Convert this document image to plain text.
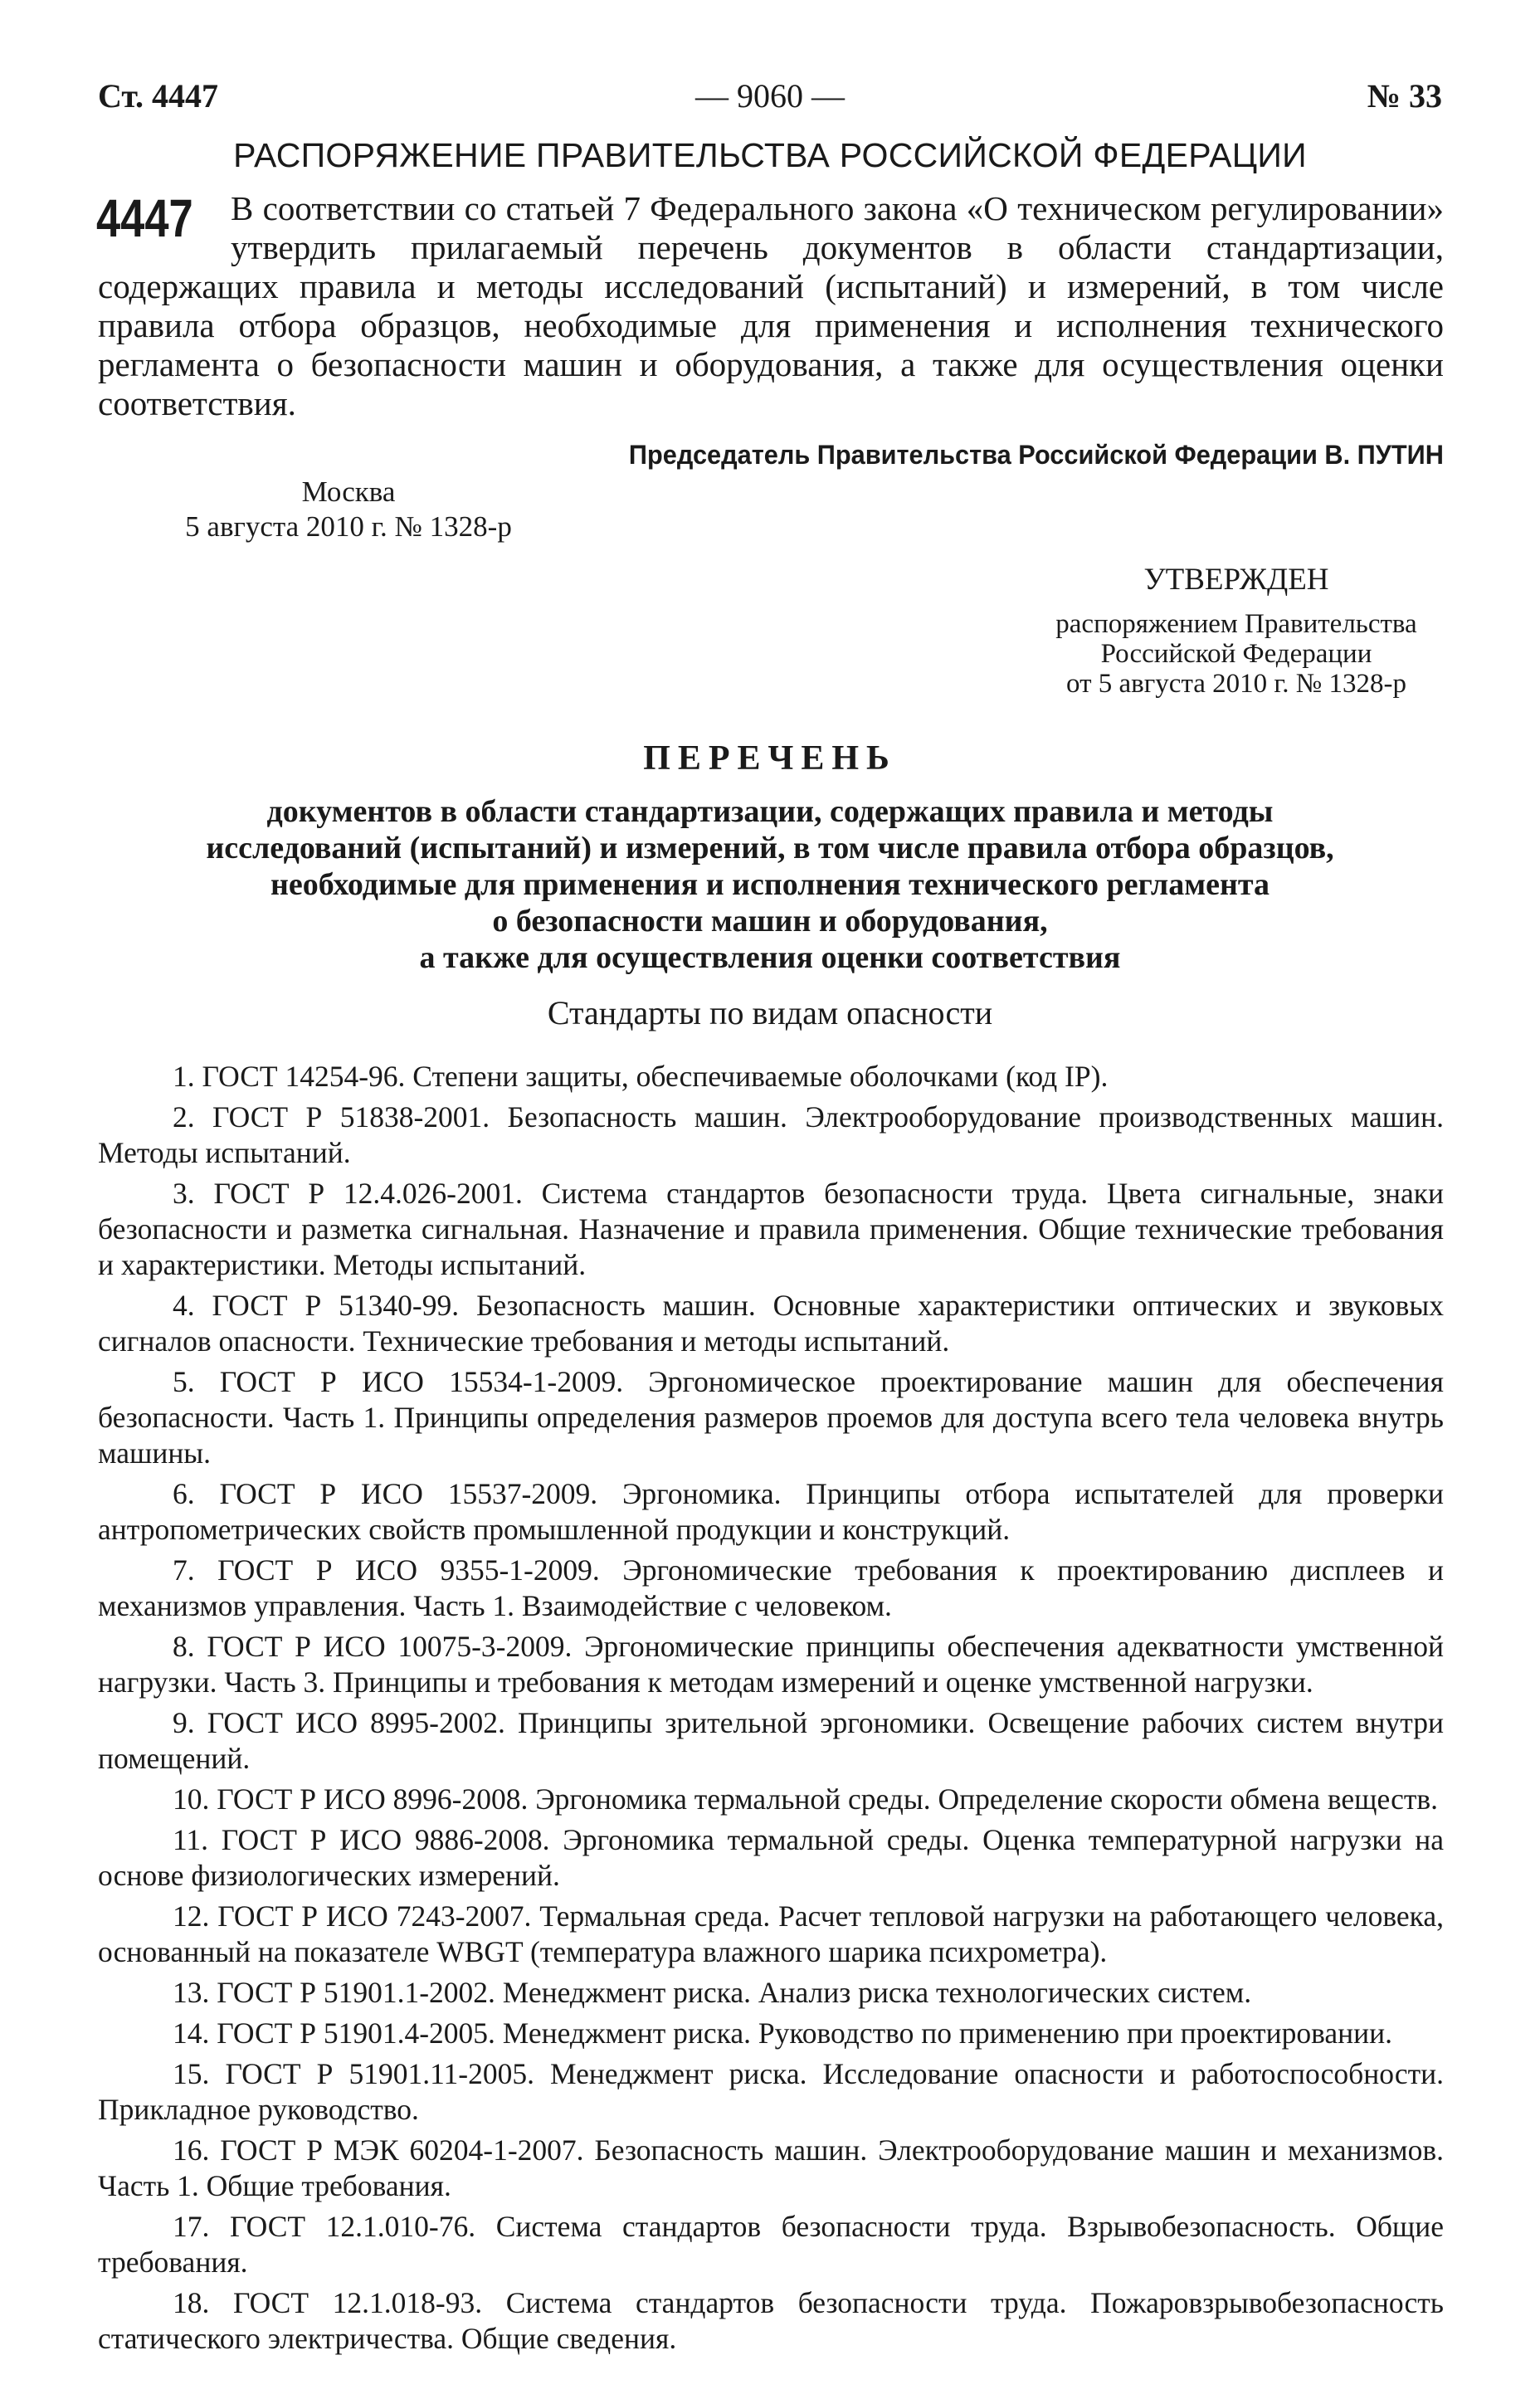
Ст. 4447	— 9060 —	№ 33
РАСПОРЯЖЕНИЕ ПРАВИТЕЛЬСТВА РОССИЙСКОЙ ФЕДЕРАЦИИ
4447	В соответствии со статьей 7 Федерального закона «О техническом регулировании» утвердить прилагаемый перечень документов в области стандартизации, содержащих правила и методы исследований (испытаний) и измерений, в том числе правила отбора образцов, необходимые для применения и исполнения технического регламента о безопасности машин и оборудования, а также для осуществления оценки соответствия.
Председатель Правительства Российской Федерации В. ПУТИН
Москва
5 августа 2010 г. № 1328-р
УТВЕРЖДЕН
распоряжением Правительства
Российской Федерации
от 5 августа 2010 г. № 1328-р
ПЕРЕЧЕНЬ
документов в области стандартизации, содержащих правила и методы
исследований (испытаний) и измерений, в том числе правила отбора образцов,
необходимые для применения и исполнения технического регламента
о безопасности машин и оборудования,
а также для осуществления оценки соответствия
Стандарты по видам опасности
1. ГОСТ 14254-96. Степени защиты, обеспечиваемые оболочками (код IP).
2. ГОСТ Р 51838-2001. Безопасность машин. Электрооборудование производственных машин. Методы испытаний.
3. ГОСТ Р 12.4.026-2001. Система стандартов безопасности труда. Цвета сигнальные, знаки безопасности и разметка сигнальная. Назначение и правила применения. Общие технические требования и характеристики. Методы испытаний.
4. ГОСТ Р 51340-99. Безопасность машин. Основные характеристики оптических и звуковых сигналов опасности. Технические требования и методы испытаний.
5. ГОСТ Р ИСО 15534-1-2009. Эргономическое проектирование машин для обеспечения безопасности. Часть 1. Принципы определения размеров проемов для доступа всего тела человека внутрь машины.
6. ГОСТ Р ИСО 15537-2009. Эргономика. Принципы отбора испытателей для проверки антропометрических свойств промышленной продукции и конструкций.
7. ГОСТ Р ИСО 9355-1-2009. Эргономические требования к проектированию дисплеев и механизмов управления. Часть 1. Взаимодействие с человеком.
8. ГОСТ Р ИСО 10075-3-2009. Эргономические принципы обеспечения адекватности умственной нагрузки. Часть 3. Принципы и требования к методам измерений и оценке умственной нагрузки.
9. ГОСТ ИСО 8995-2002. Принципы зрительной эргономики. Освещение рабочих систем внутри помещений.
10. ГОСТ Р ИСО 8996-2008. Эргономика термальной среды. Определение скорости обмена веществ.
11. ГОСТ Р ИСО 9886-2008. Эргономика термальной среды. Оценка температурной нагрузки на основе физиологических измерений.
12. ГОСТ Р ИСО 7243-2007. Термальная среда. Расчет тепловой нагрузки на работающего человека, основанный на показателе WBGT (температура влажного шарика психрометра).
13. ГОСТ Р 51901.1-2002. Менеджмент риска. Анализ риска технологических систем.
14. ГОСТ Р 51901.4-2005. Менеджмент риска. Руководство по применению при проектировании.
15. ГОСТ Р 51901.11-2005. Менеджмент риска. Исследование опасности и работоспособности. Прикладное руководство.
16. ГОСТ Р МЭК 60204-1-2007. Безопасность машин. Электрооборудование машин и механизмов. Часть 1. Общие требования.
17. ГОСТ 12.1.010-76. Система стандартов безопасности труда. Взрывобезопасность. Общие требования.
18. ГОСТ 12.1.018-93. Система стандартов безопасности труда. Пожаровзрывобезопасность статического электричества. Общие сведения.
